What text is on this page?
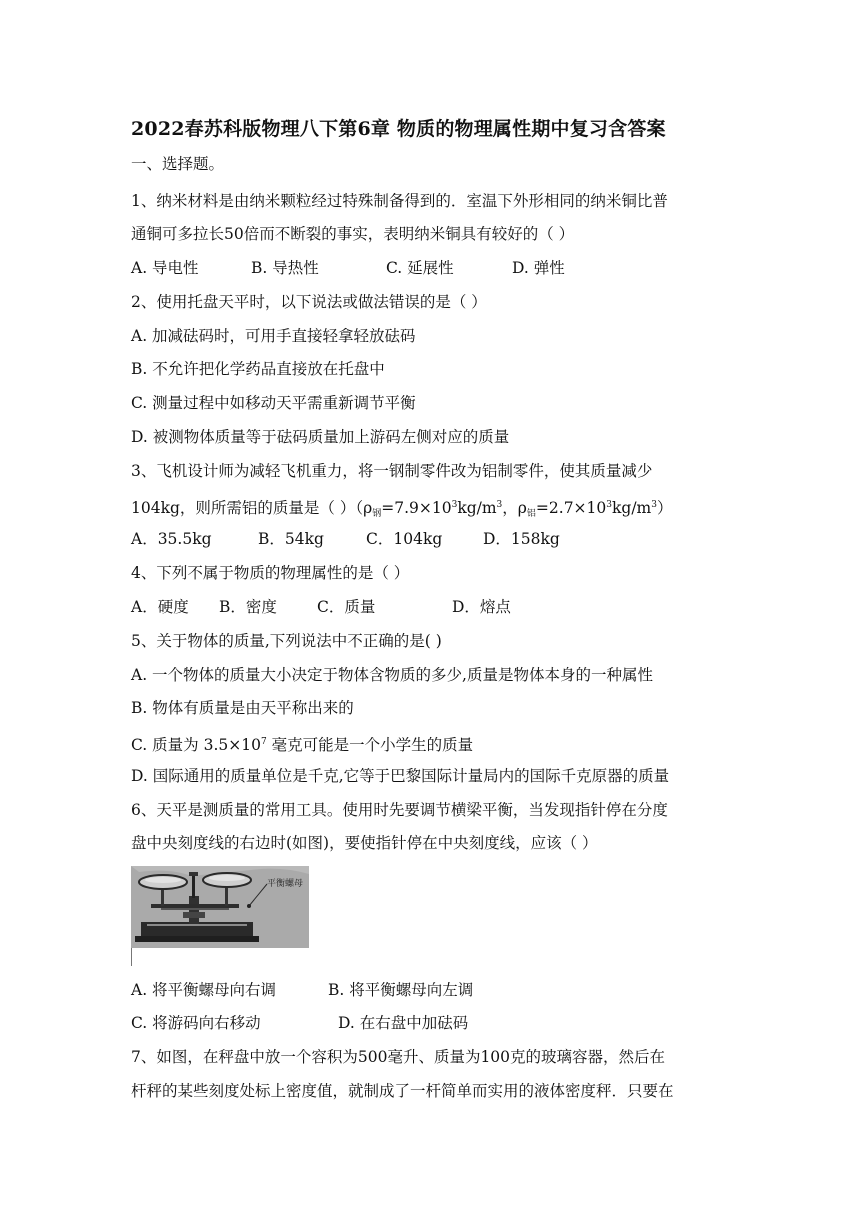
2022春苏科版物理八下第6章 物质的物理属性期中复习含答案
一、选择题。
1、纳米材料是由纳米颗粒经过特殊制备得到的．室温下外形相同的纳米铜比普
通铜可多拉长50倍而不断裂的事实，表明纳米铜具有较好的（ ）
A. 导电性	B. 导热性	C. 延展性	D. 弹性
2、使用托盘天平时，以下说法或做法错误的是（ ）
A. 加减砝码时，可用手直接轻拿轻放砝码
B. 不允许把化学药品直接放在托盘中
C. 测量过程中如移动天平需重新调节平衡
D. 被测物体质量等于砝码质量加上游码左侧对应的质量
3、飞机设计师为减轻飞机重力，将一钢制零件改为铝制零件，使其质量减少
104kg，则所需铝的质量是（ ）（$\rho_钢=7.9\times 10^3kg/m^3$，$\rho_铝=2.7\times 10^3kg/m^3$）
A．35.5kg	B．54kg	C．104kg	D．158kg
4、下列不属于物质的物理属性的是（ ）
A．硬度 B．密度	C．质量	D．熔点
5、关于物体的质量,下列说法中不正确的是( )
A. 一个物体的质量大小决定于物体含物质的多少,质量是物体本身的一种属性
B. 物体有质量是由天平称出来的
C. 质量为 $3.5\times 10^7$ 毫克可能是一个小学生的质量
D. 国际通用的质量单位是千克,它等于巴黎国际计量局内的国际千克原器的质量
6、天平是测质量的常用工具。使用时先要调节横梁平衡，当发现指针停在分度
盘中央刻度线的右边时(如图)，要使指针停在中央刻度线，应该（ ）
平衡螺母
A. 将平衡螺母向右调	B. 将平衡螺母向左调
C. 将游码向右移动	D. 在右盘中加砝码
7、如图，在秤盘中放一个容积为500毫升、质量为100克的玻璃容器，然后在
杆秤的某些刻度处标上密度值，就制成了一杆简单而实用的液体密度秤．只要在
